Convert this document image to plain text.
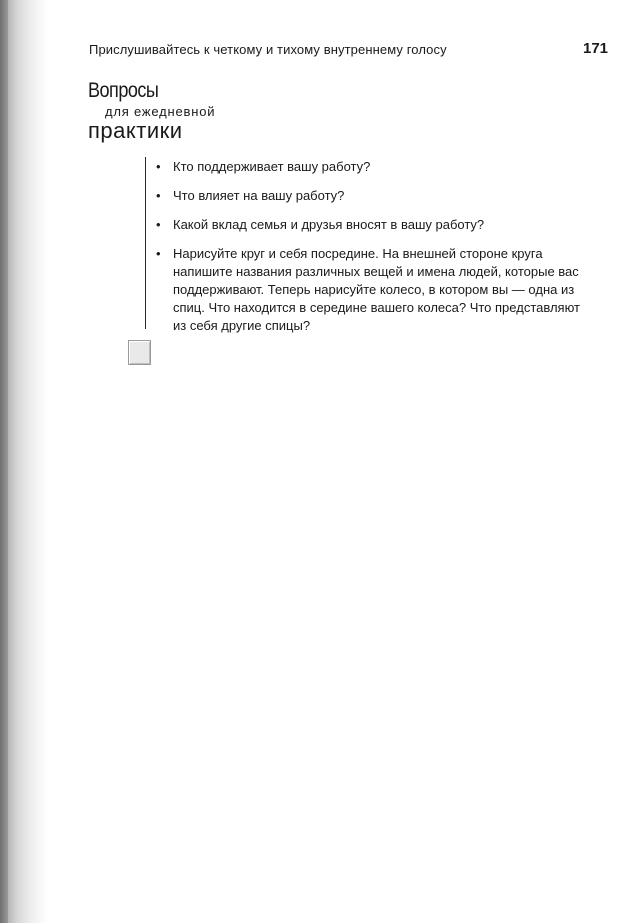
Прислушивайтесь к четкому и тихому внутреннему голосу	171
Вопросы
для ежедневной
практики
• Кто поддерживает вашу работу?
• Что влияет на вашу работу?
• Какой вклад семья и друзья вносят в вашу работу?
• Нарисуйте круг и себя посредине. На внешней стороне круга напишите названия различных вещей и имена людей, которые вас поддерживают. Теперь нарисуйте колесо, в котором вы — одна из спиц. Что находится в середине вашего колеса? Что представляют из себя другие спицы?
